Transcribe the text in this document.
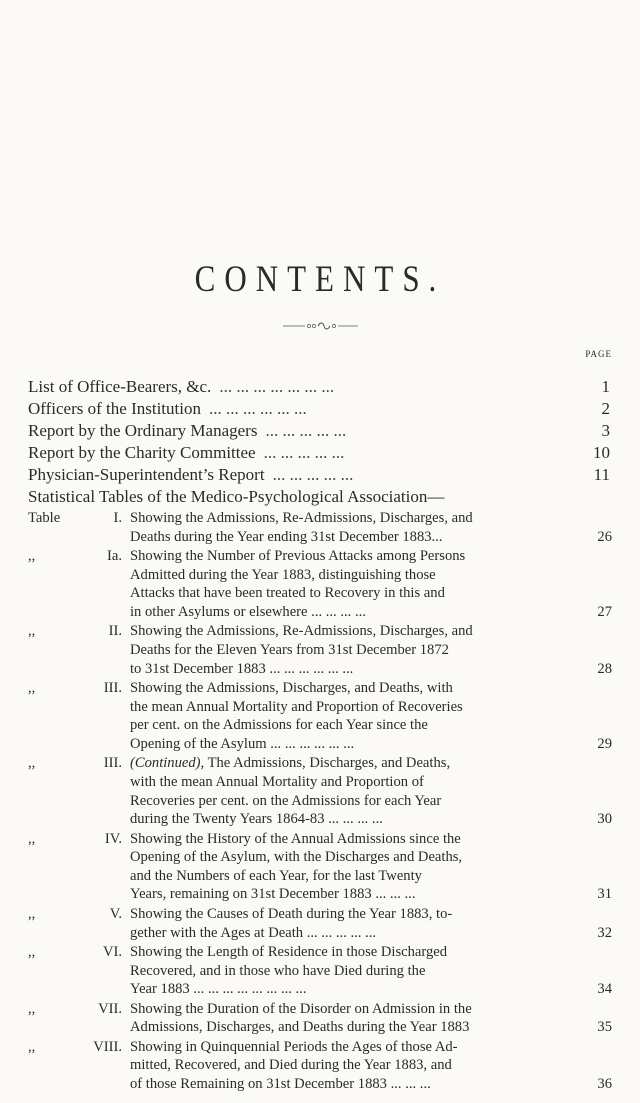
CONTENTS.
PAGE
List of Office-Bearers, &c. ... ... ... ... ... ... ...	1
Officers of the Institution ... ... ... ... ... ...	2
Report by the Ordinary Managers ... ... ... ... ...	3
Report by the Charity Committee ... ... ... ... ...	10
Physician-Superintendent’s Report ... ... ... ... ...	11
Statistical Tables of the Medico-Psychological Association—
Table	I. Showing the Admissions, Re-Admissions, Discharges, and
Deaths during the Year ending 31st December 1883...	26
,,	Ia. Showing the Number of Previous Attacks among Persons
Admitted during the Year 1883, distinguishing those
Attacks that have been treated to Recovery in this and
in other Asylums or elsewhere ... ... ... ...	27
,,	II. Showing the Admissions, Re-Admissions, Discharges, and
Deaths for the Eleven Years from 31st December 1872
to 31st December 1883 ... ... ... ... ... ...	28
,,	III. Showing the Admissions, Discharges, and Deaths, with
the mean Annual Mortality and Proportion of Recoveries
per cent. on the Admissions for each Year since the
Opening of the Asylum ... ... ... ... ... ...	29
,,	III. (Continued), The Admissions, Discharges, and Deaths,
with the mean Annual Mortality and Proportion of
Recoveries per cent. on the Admissions for each Year
during the Twenty Years 1864-83 ... ... ... ...	30
,,	IV. Showing the History of the Annual Admissions since the
Opening of the Asylum, with the Discharges and Deaths,
and the Numbers of each Year, for the last Twenty
Years, remaining on 31st December 1883 ... ... ...	31
,,	V. Showing the Causes of Death during the Year 1883, to-
gether with the Ages at Death ... ... ... ... ...	32
,,	VI. Showing the Length of Residence in those Discharged
Recovered, and in those who have Died during the
Year 1883 ... ... ... ... ... ... ... ...	34
,,	VII. Showing the Duration of the Disorder on Admission in the
Admissions, Discharges, and Deaths during the Year 1883	35
,,	VIII. Showing in Quinquennial Periods the Ages of those Ad-
mitted, Recovered, and Died during the Year 1883, and
of those Remaining on 31st December 1883 ... ... ...	36
